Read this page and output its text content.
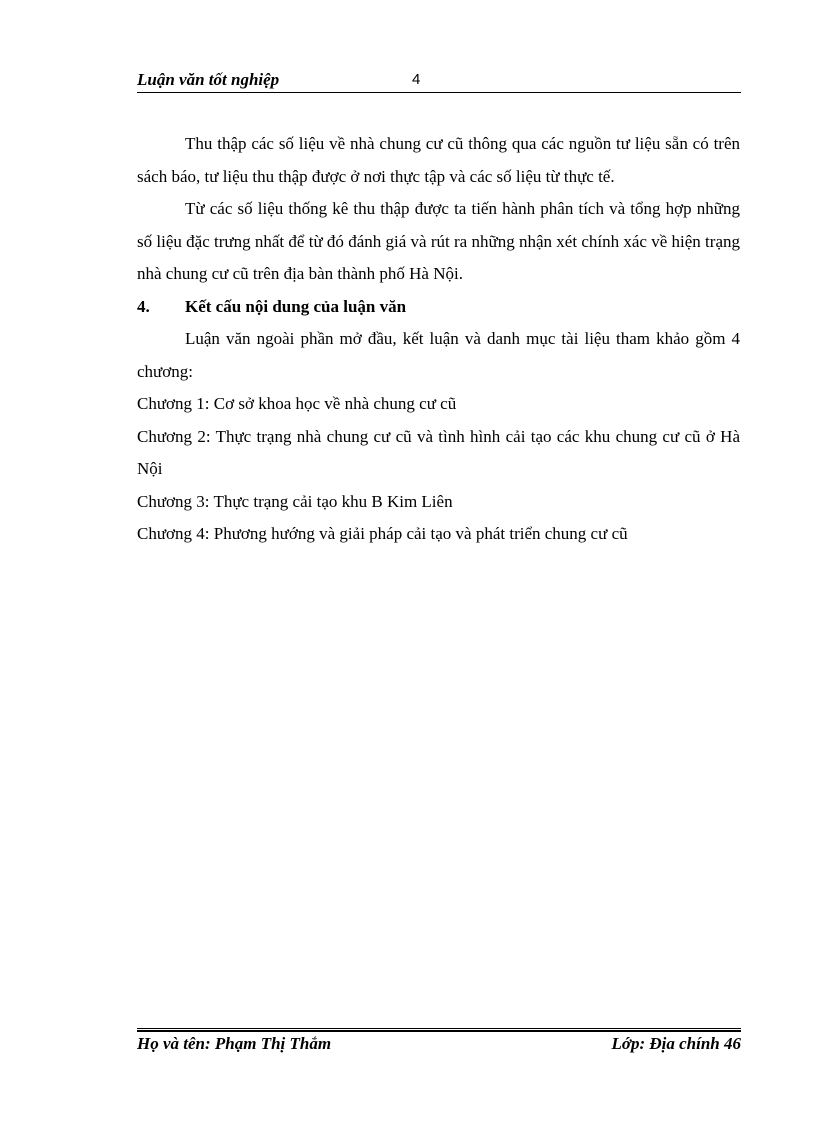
Luận văn tốt nghiệp	4

Thu thập các số liệu về nhà chung cư cũ thông qua các nguồn tư liệu sẵn có trên sách báo, tư liệu thu thập được ở nơi thực tập và các số liệu từ thực tế.

Từ các số liệu thống kê thu thập được ta tiến hành phân tích và tổng hợp những số liệu đặc trưng nhất để từ đó đánh giá và rút ra những nhận xét chính xác về hiện trạng nhà chung cư cũ trên địa bàn thành phố Hà Nội.

4.	Kết cấu nội dung của luận văn

Luận văn ngoài phần mở đầu, kết luận và danh mục tài liệu tham khảo gồm 4 chương:

Chương 1: Cơ sở khoa học về nhà chung cư cũ

Chương 2: Thực trạng nhà chung cư cũ và tình hình cải tạo các khu chung cư cũ ở Hà Nội

Chương 3: Thực trạng cải tạo khu B Kim Liên

Chương 4: Phương hướng và giải pháp cải tạo và phát triển chung cư cũ

Họ và tên: Phạm Thị Thắm	Lớp: Địa chính 46
